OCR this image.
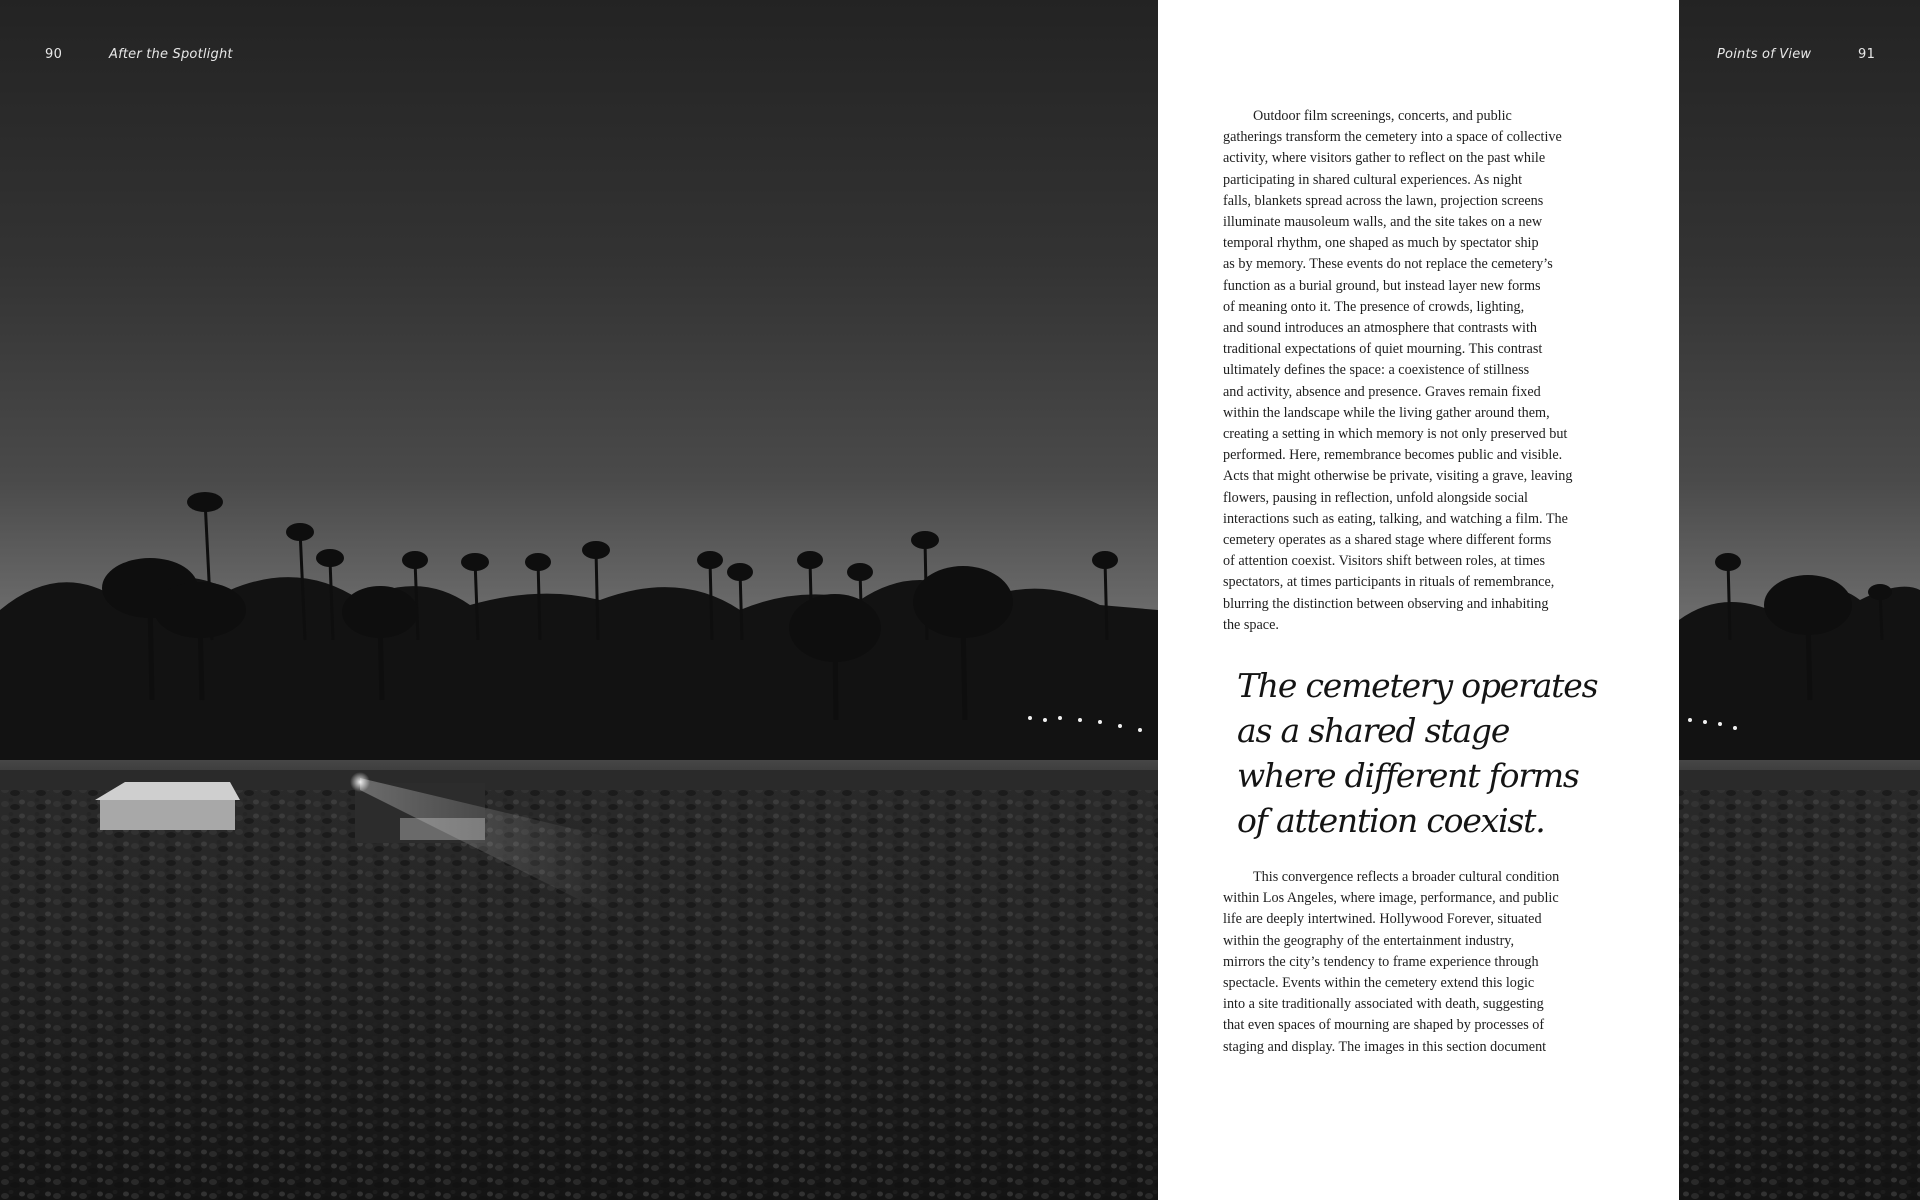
90	After the Spotlight	Points of View	91
Outdoor film screenings, concerts, and public
gatherings transform the cemetery into a space of collective
activity, where visitors gather to reflect on the past while
participating in shared cultural experiences. As night
falls, blankets spread across the lawn, projection screens
illuminate mausoleum walls, and the site takes on a new
temporal rhythm, one shaped as much by spectator ship
as by memory. These events do not replace the cemetery’s
function as a burial ground, but instead layer new forms
of meaning onto it. The presence of crowds, lighting,
and sound introduces an atmosphere that contrasts with
traditional expectations of quiet mourning. This contrast
ultimately defines the space: a coexistence of stillness
and activity, absence and presence. Graves remain fixed
within the landscape while the living gather around them,
creating a setting in which memory is not only preserved but
performed. Here, remembrance becomes public and visible.
Acts that might otherwise be private, visiting a grave, leaving
flowers, pausing in reflection, unfold alongside social
interactions such as eating, talking, and watching a film. The
cemetery operates as a shared stage where different forms
of attention coexist. Visitors shift between roles, at times
spectators, at times participants in rituals of remembrance,
blurring the distinction between observing and inhabiting
the space.
The cemetery operates
as a shared stage
where different forms
of attention coexist.
This convergence reflects a broader cultural condition
within Los Angeles, where image, performance, and public
life are deeply intertwined. Hollywood Forever, situated
within the geography of the entertainment industry,
mirrors the city’s tendency to frame experience through
spectacle. Events within the cemetery extend this logic
into a site traditionally associated with death, suggesting
that even spaces of mourning are shaped by processes of
staging and display. The images in this section document
